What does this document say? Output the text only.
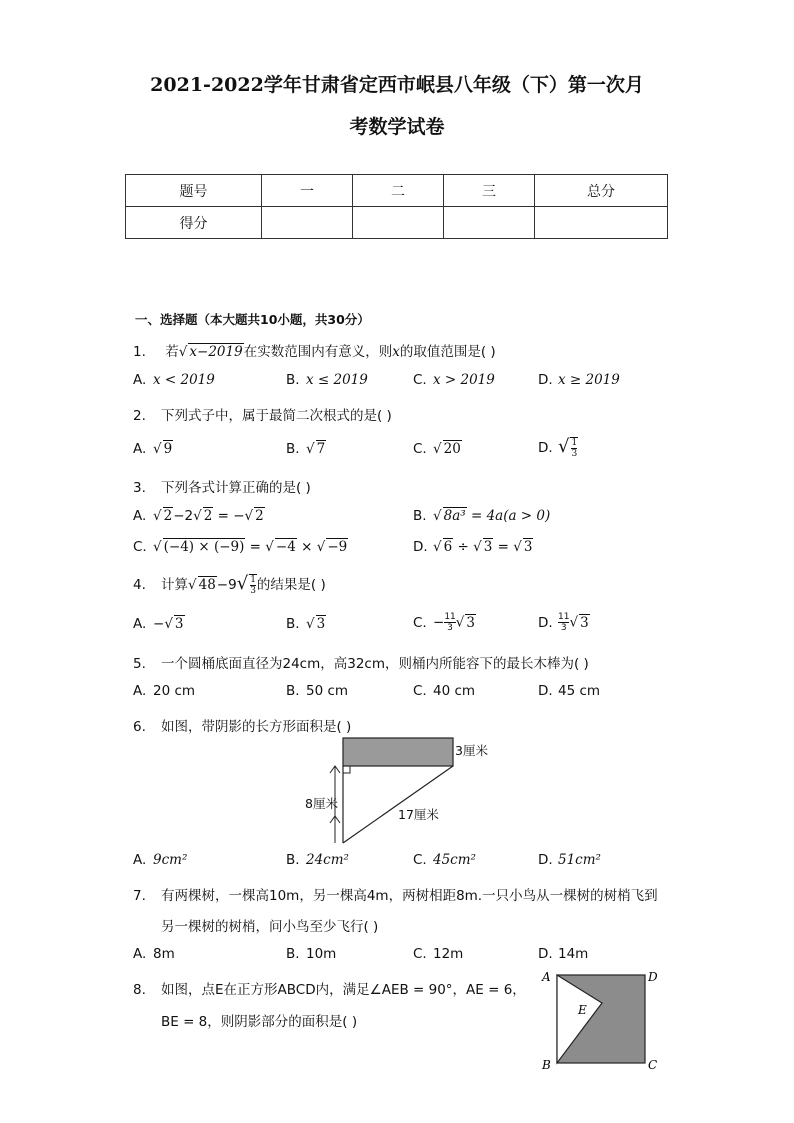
2021-2022学年甘肃省定西市岷县八年级（下）第一次月
考数学试卷
题号	一	二	三	总分
得分				
一、选择题（本大题共10小题，共30分）
1. 若√ x−2019在实数范围内有意义，则x的取值范围是( )
A. x < 2019	B. x ≤ 2019	C. x > 2019	D. x ≥ 2019
2. 下列式子中，属于最简二次根式的是( )
A. √ 9	B. √ 7	C. √ 20	D. √ $\frac{1}{3}$
3. 下列各式计算正确的是( )
A. √ 2−2√ 2 = −√ 2	B. √ 8a³ = 4a(a > 0)
C. √ (−4) × (−9) = √ −4 × √ −9	D. √ 6 ÷ √ 3 = √ 3
4. 计算√ $48-9√ \frac{1}{3}$ 的结果是( )
A. −√ 3	B. √ 3	C. − $\frac{11}{3}$ √ 3	D. $\frac{11}{3}$ √ 3
5. 一个圆桶底面直径为24cm，高32cm，则桶内所能容下的最长木棒为( )
A. 20 cm	B. 50 cm	C. 40 cm	D. 45 cm
6. 如图，带阴影的长方形面积是( )
3厘米
8厘米
17厘米
A. 9cm²	B. 24cm²	C. 45cm²	D. 51cm²
7. 有两棵树，一棵高10m，另一棵高4m，两树相距8m.一只小鸟从一棵树的树梢飞到
另一棵树的树梢，问小鸟至少飞行( )
A. 8m	B. 10m	C. 12m	D. 14m
8. 如图，点E在正方形ABCD内，满足∠AEB = 90°，AE = 6，
BE = 8，则阴影部分的面积是( )
A
B	C
D
E
